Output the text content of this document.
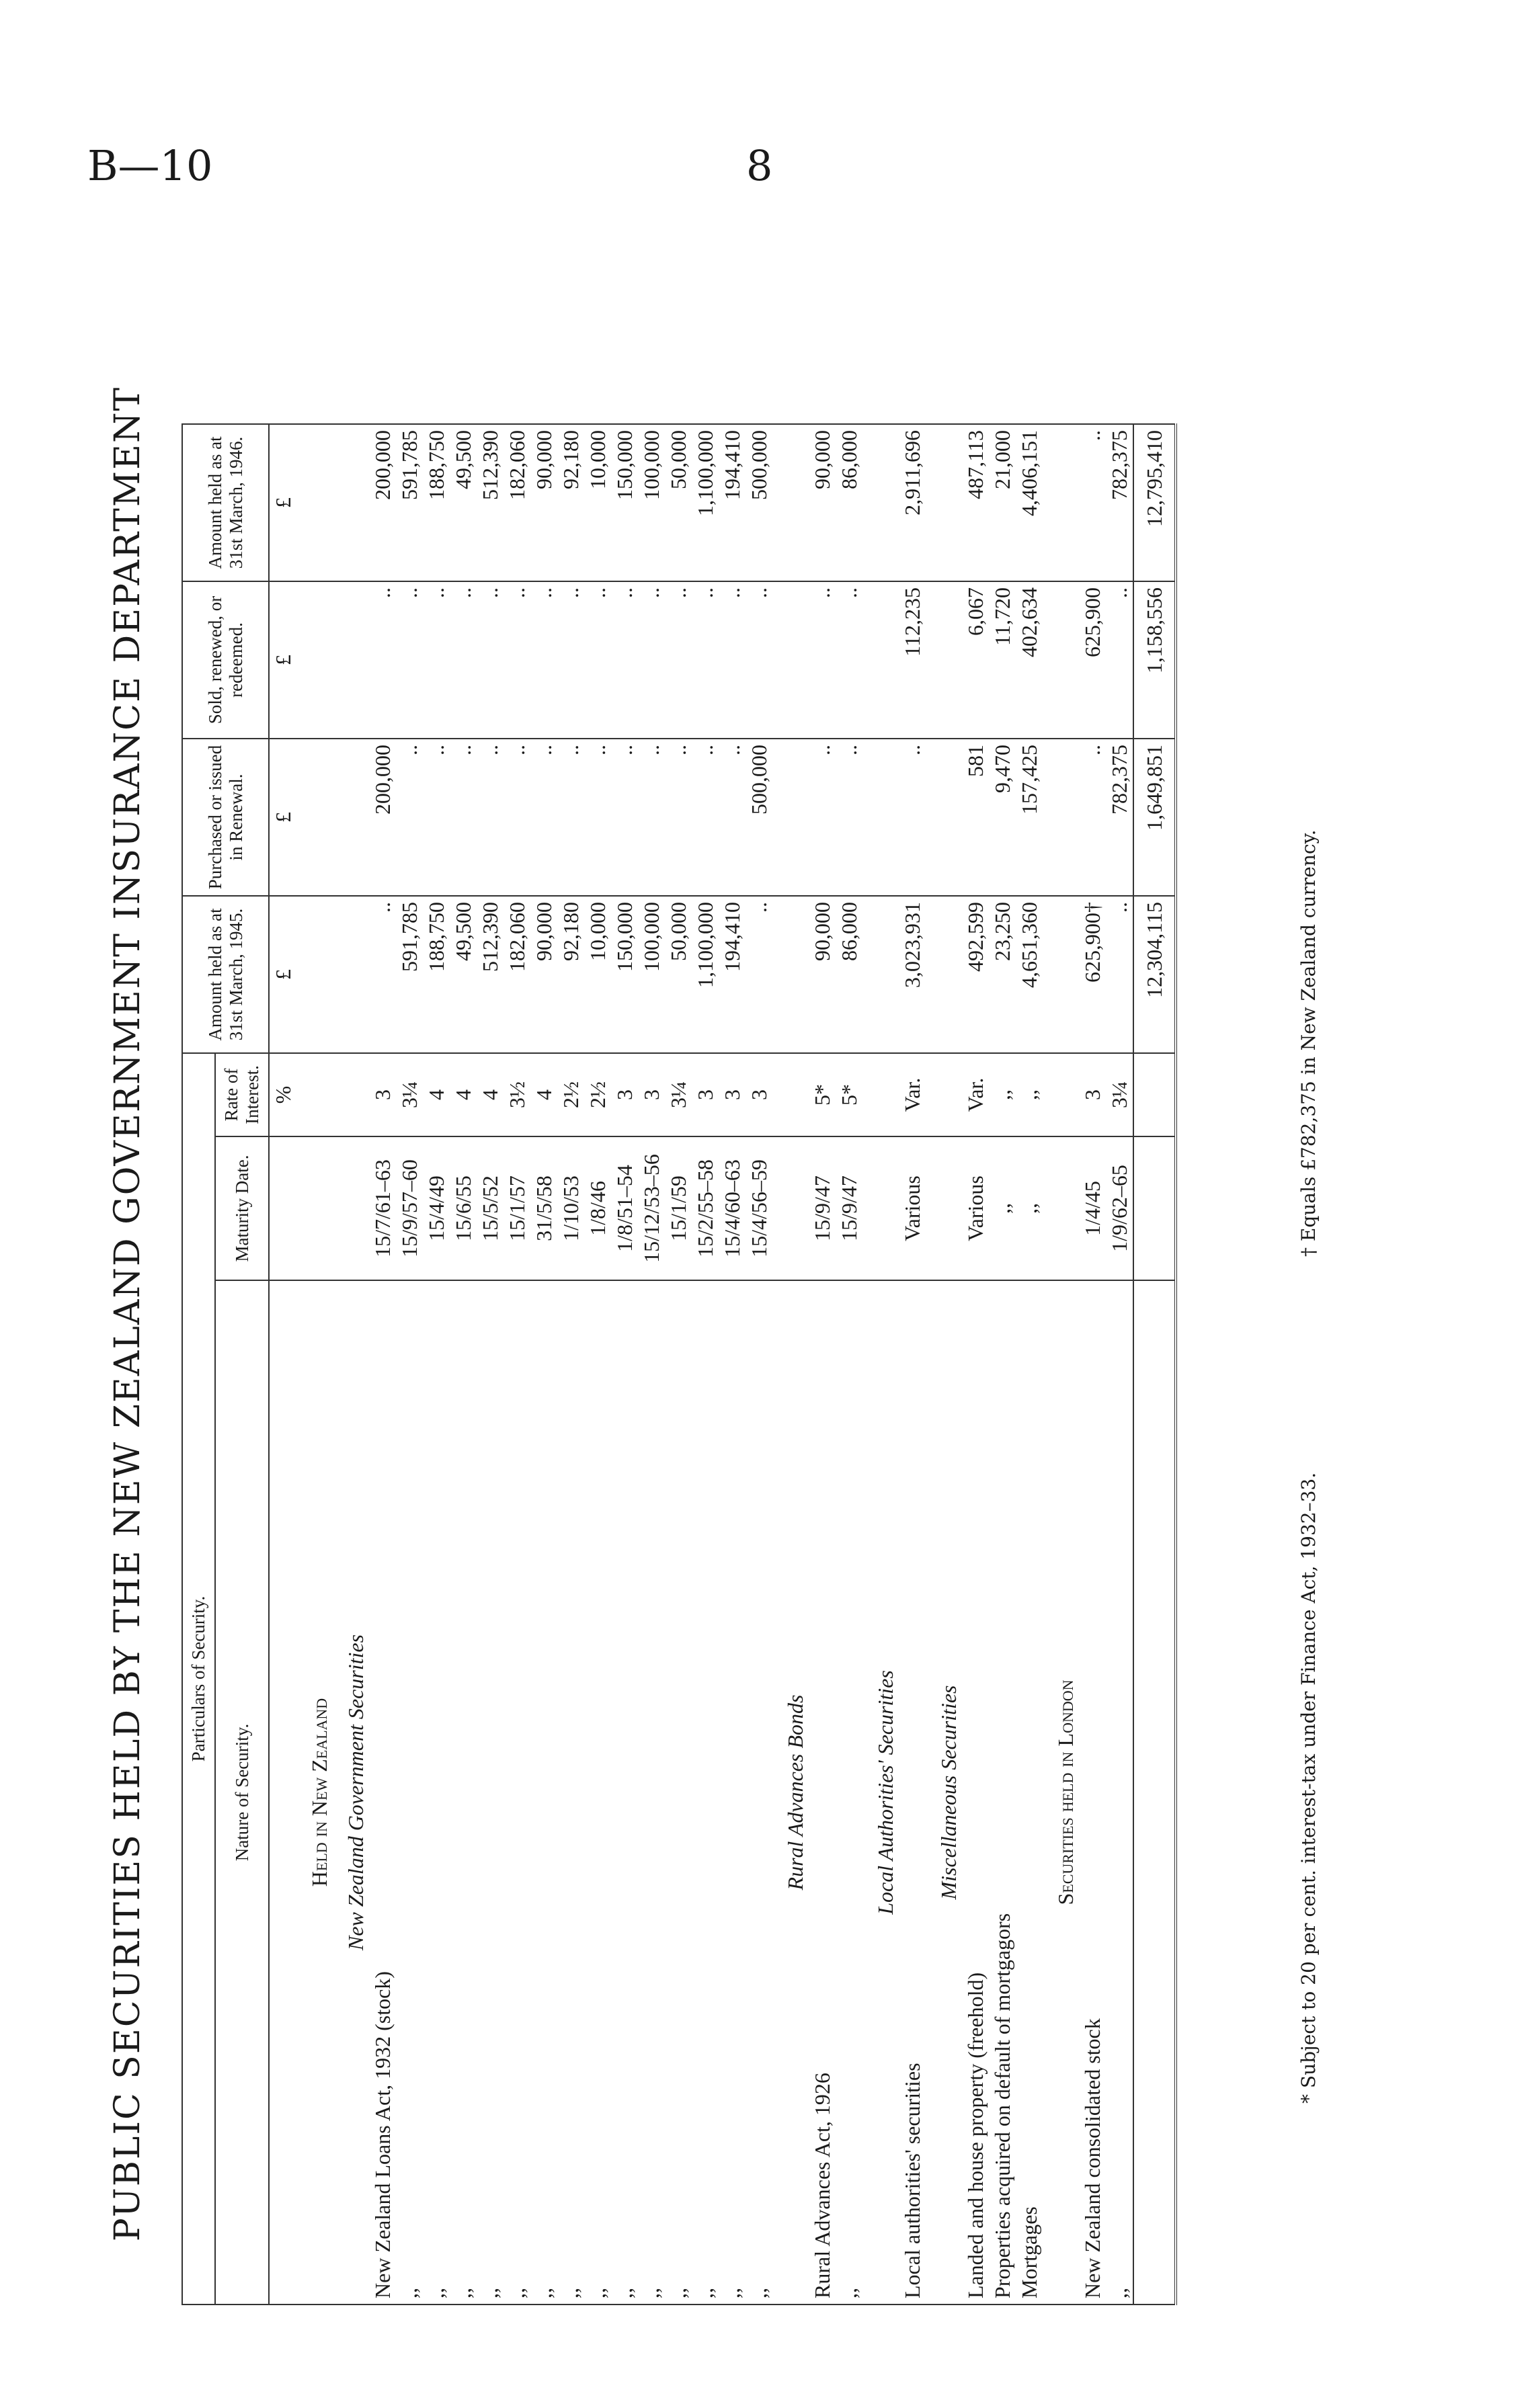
B—10	8
PUBLIC SECURITIES HELD BY THE NEW ZEALAND GOVERNMENT INSURANCE DEPARTMENT Particulars of Security.			Amount held as at 31st March, 1945.	Purchased or issued in Renewal.	Sold, renewed, or redeemed.	Amount held as at 31st March, 1946.
Nature of Security.	Maturity Date.	Rate of Interest.				
		%	£	£	£	£
Held in New Zealand						
New Zealand Government Securities						
New Zealand Loans Act, 1932 (stock)	15/7/61–63	3	..	200,000	..	200,000
,,	15/9/57–60	3¼	591,785	..	..	591,785
,,	15/4/49	4	188,750	..	..	188,750
,,	15/6/55	4	49,500	..	..	49,500
,,	15/5/52	4	512,390	..	..	512,390
,,	15/1/57	3½	182,060	..	..	182,060
,,	31/5/58	4	90,000	..	..	90,000
,,	1/10/53	2½	92,180	..	..	92,180
,,	1/8/46	2½	10,000	..	..	10,000
,,	1/8/51–54	3	150,000	..	..	150,000
,,	15/12/53–56	3	100,000	..	..	100,000
,,	15/1/59	3¼	50,000	..	..	50,000
,,	15/2/55–58	3	1,100,000	..	..	1,100,000
,,	15/4/60–63	3	194,410	..	..	194,410
,,	15/4/56–59	3	..	500,000	..	500,000
Rural Advances Bonds						
Rural Advances Act, 1926	15/9/47	5*	90,000	..	..	90,000
,,	15/9/47	5*	86,000	..	..	86,000
Local Authorities' Securities						
Local authorities' securities	Various	Var.	3,023,931	..	112,235	2,911,696
Miscellaneous Securities						
Landed and house property (freehold)	Various	Var.	492,599	581	6,067	487,113
Properties acquired on default of mortgagors	,,	,,	23,250	9,470	11,720	21,000
Mortgages	,,	,,	4,651,360	157,425	402,634	4,406,151
Securities held in London						
New Zealand consolidated stock	1/4/45	3	625,900†	..	625,900	..
,,	1/9/62–65	3¼	..	782,375	..	782,375
			12,304,115	1,649,851	1,158,556	12,795,410
* Subject to 20 per cent. interest-tax under Finance Act, 1932–33.
† Equals £782,375 in New Zealand currency.
